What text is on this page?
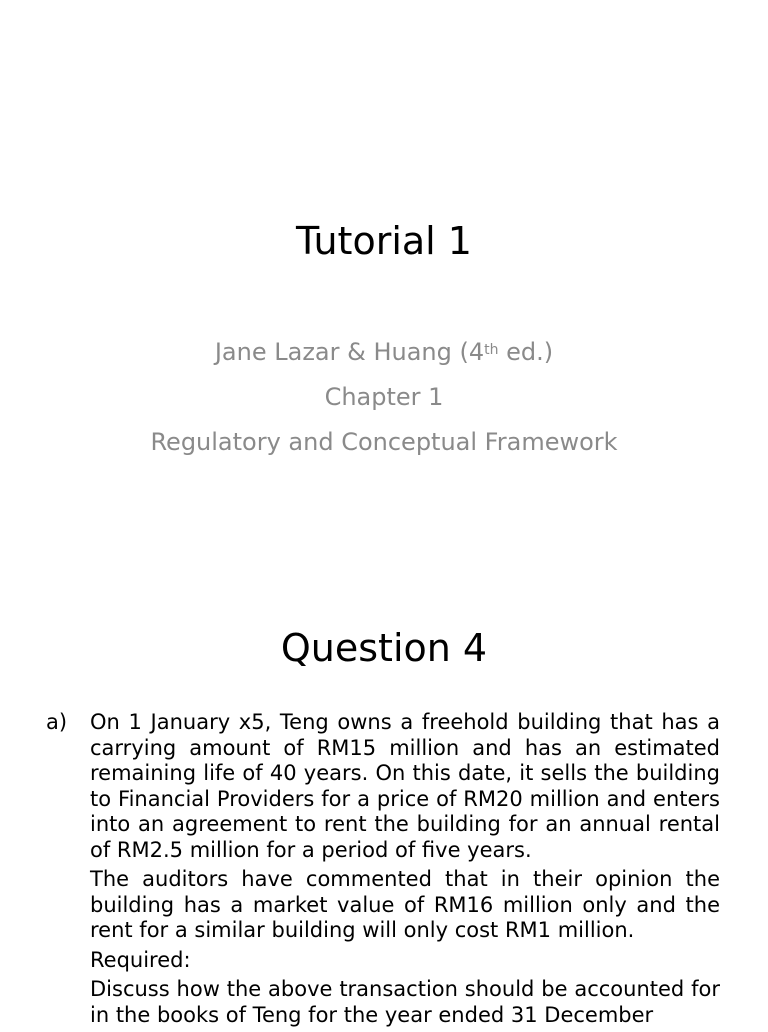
Tutorial 1
Jane Lazar & Huang (4th ed.)
Chapter 1
Regulatory and Conceptual Framework
Question 4
a) On 1 January x5, Teng owns a freehold building that has a carrying amount of RM15 million and has an estimated remaining life of 40 years. On this date, it sells the building to Financial Providers for a price of RM20 million and enters into an agreement to rent the building for an annual rental of RM2.5 million for a period of five years.
The auditors have commented that in their opinion the building has a market value of RM16 million only and the rent for a similar building will only cost RM1 million.
Required:
Discuss how the above transaction should be accounted for in the books of Teng for the year ended 31 December
